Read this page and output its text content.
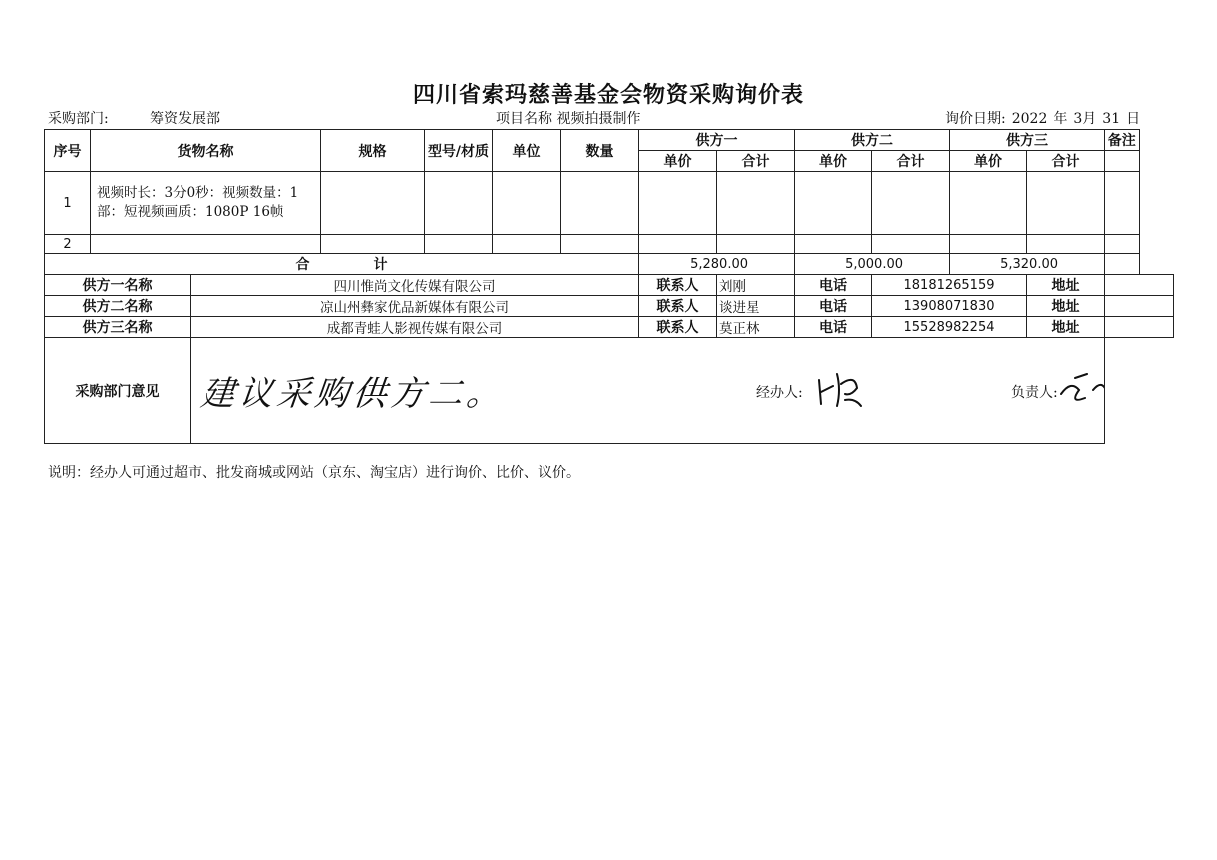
四川省索玛慈善基金会物资采购询价表
采购部门:	筹资发展部	项目名称 视频拍摄制作	询价日期: 2022 年 3月 31 日
序号	货物名称		规格	型号/材质	单位	数量	供方一		供方二		供方三		备注
							单价	合计	单价	合计	单价	合计	
1	视频时长：3分0秒：视频数量：1部：短视频画质：1080P 16帧												
2													
合 计							5,280.00		5,000.00		5,320.00		
供方一名称		四川惟尚文化传媒有限公司					联系人	刘刚	电话	18181265159		地址	
供方二名称		凉山州彝家优品新媒体有限公司					联系人	谈进星	电话	13908071830		地址	
供方三名称		成都青蛙人影视传媒有限公司					联系人	莫正林	电话	15528982254		地址	
采购部门意见		建议采购供方二。 经办人: 负责人:											
说明：经办人可通过超市、批发商城或网站（京东、淘宝店）进行询价、比价、议价。
